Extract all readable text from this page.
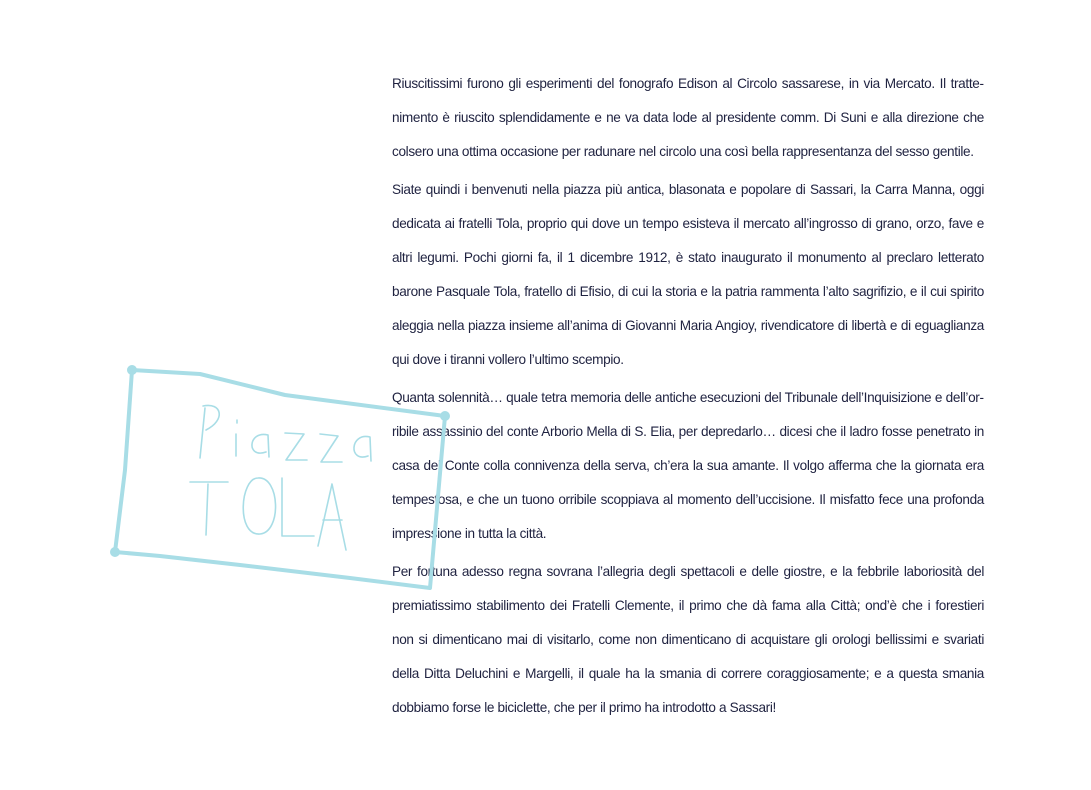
Riuscitissimi furono gli esperimenti del fonografo Edison al Circolo sassarese, in via Mercato. Il trattenimento è riuscito splendidamente e ne va data lode al presidente comm. Di Suni e alla direzione che colsero una ottima occasione per radunare nel circolo una così bella rappresentanza del sesso gentile.

Siate quindi i benvenuti nella piazza più antica, blasonata e popolare di Sassari, la Carra Manna, oggi dedicata ai fratelli Tola, proprio qui dove un tempo esisteva il mercato all’ingrosso di grano, orzo, fave e altri legumi. Pochi giorni fa, il 1 dicembre 1912, è stato inaugurato il monumento al preclaro letterato barone Pasquale Tola, fratello di Efisio, di cui la storia e la patria rammenta l’alto sagrifizio, e il cui spirito aleggia nella piazza insieme all’anima di Giovanni Maria Angioy, rivendicatore di libertà e di eguaglianza qui dove i tiranni vollero l’ultimo scempio.

Quanta solennità… quale tetra memoria delle antiche esecuzioni del Tribunale dell’Inquisizione e dell’orribile assassinio del conte Arborio Mella di S. Elia, per depredarlo… dicesi che il ladro fosse penetrato in casa del Conte colla connivenza della serva, ch’era la sua amante. Il volgo afferma che la giornata era tempestosa, e che un tuono orribile scoppiava al momento dell’uccisione. Il misfatto fece una profonda impressione in tutta la città.

Per fortuna adesso regna sovrana l’allegria degli spettacoli e delle giostre, e la febbrile laboriosità del premiatissimo stabilimento dei Fratelli Clemente, il primo che dà fama alla Città; ond’è che i forestieri non si dimenticano mai di visitarlo, come non dimenticano di acquistare gli orologi bellissimi e svariati della Ditta Deluchini e Margelli, il quale ha la smania di correre coraggiosamente; e a questa smania dobbiamo forse le biciclette, che per il primo ha introdotto a Sassari!
